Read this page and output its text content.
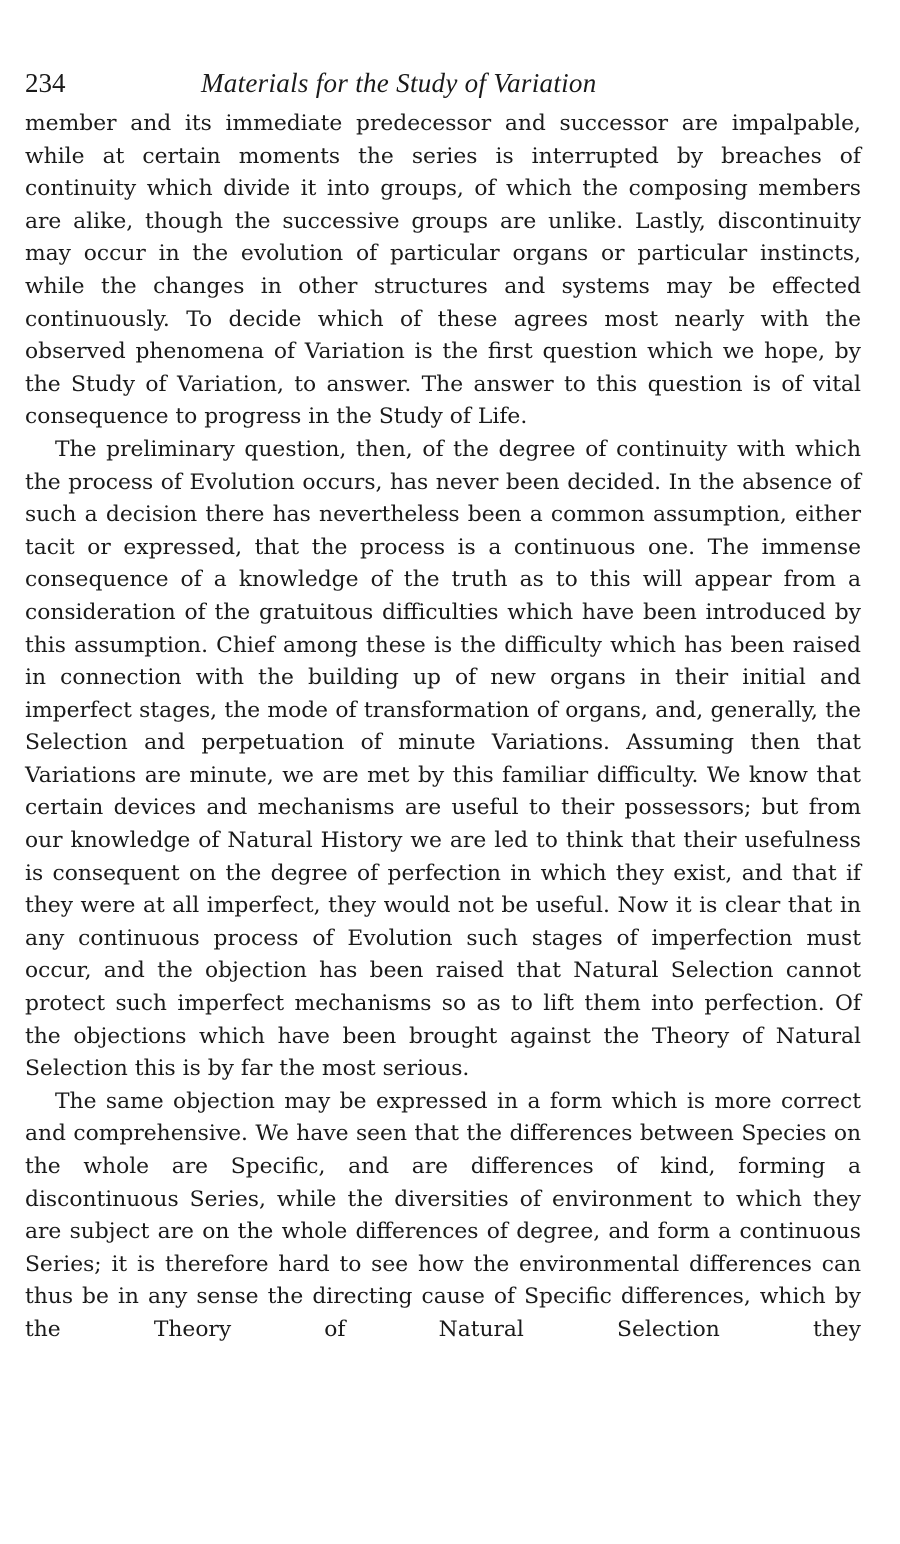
234	Materials for the Study of Variation

member and its immediate predecessor and successor are impalpable, while at certain moments the series is interrupted by breaches of continuity which divide it into groups, of which the composing members are alike, though the successive groups are unlike. Lastly, discontinuity may occur in the evolution of particular organs or particular instincts, while the changes in other structures and systems may be effected continuously. To decide which of these agrees most nearly with the observed phenomena of Variation is the first question which we hope, by the Study of Variation, to answer. The answer to this question is of vital consequence to progress in the Study of Life.

The preliminary question, then, of the degree of continuity with which the process of Evolution occurs, has never been decided. In the absence of such a decision there has nevertheless been a common assumption, either tacit or expressed, that the process is a continuous one. The immense consequence of a knowledge of the truth as to this will appear from a consideration of the gratuitous difficulties which have been introduced by this assumption. Chief among these is the difficulty which has been raised in connection with the building up of new organs in their initial and imperfect stages, the mode of transformation of organs, and, generally, the Selection and perpetuation of minute Variations. Assuming then that Variations are minute, we are met by this familiar difficulty. We know that certain devices and mechanisms are useful to their possessors; but from our knowledge of Natural History we are led to think that their usefulness is consequent on the degree of perfection in which they exist, and that if they were at all imperfect, they would not be useful. Now it is clear that in any continuous process of Evolution such stages of imperfection must occur, and the objection has been raised that Natural Selection cannot protect such imperfect mechanisms so as to lift them into perfection. Of the objections which have been brought against the Theory of Natural Selection this is by far the most serious.

The same objection may be expressed in a form which is more correct and comprehensive. We have seen that the differences between Species on the whole are Specific, and are differences of kind, forming a discontinuous Series, while the diversities of environment to which they are subject are on the whole differences of degree, and form a continuous Series; it is therefore hard to see how the environmental differences can thus be in any sense the directing cause of Specific differences, which by the Theory of Natural Selection they
